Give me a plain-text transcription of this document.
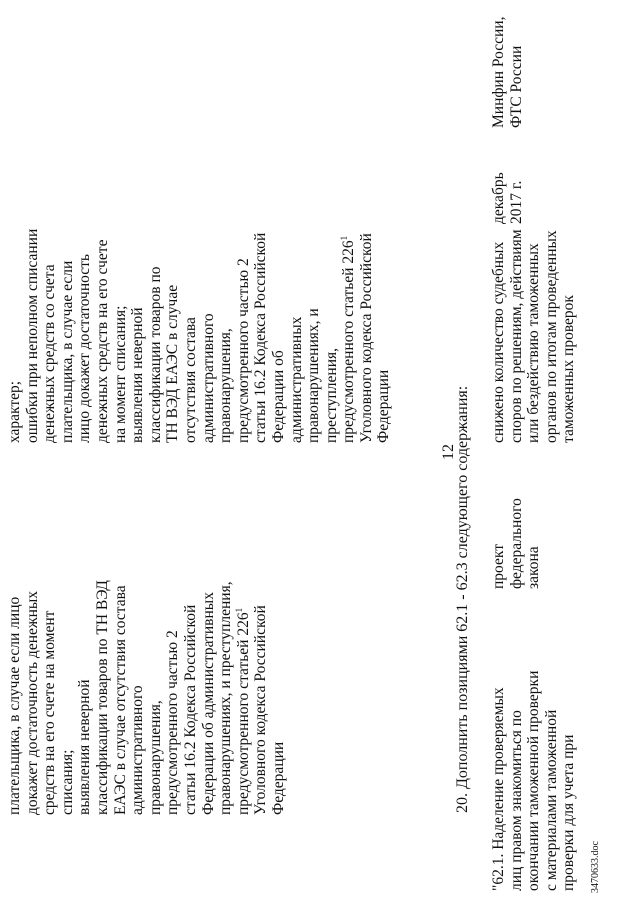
12
плательщика, в случае если лицо докажет достаточность денежных средств на его счете на момент списания; выявления неверной классификации товаров по ТН ВЭД ЕАЭС в случае отсутствия состава административного правонарушения, предусмотренного частью 2 статьи 16.2 Кодекса Российской Федерации об административных правонарушениях, и преступления, предусмотренного статьей $226^1$ Уголовного кодекса Российской Федерации
характер; ошибки при неполном списании денежных средств со счета плательщика, в случае если лицо докажет достаточность денежных средств на его счете на момент списания; выявления неверной классификации товаров по ТН ВЭД ЕАЭС в случае отсутствия состава административного правонарушения, предусмотренного частью 2 статьи 16.2 Кодекса Российской Федерации об административных правонарушениях, и преступления, предусмотренного статьей $226^1$ Уголовного кодекса Российской Федерации	20. Дополнить позициями 62.1 - 62.3 следующего содержания: "62.1. Наделение проверяемых лиц правом знакомиться по окончании таможенной проверки с материалами таможенной проверки для учета при
проект федерального закона
снижено количество судебных споров по решениям, действиям или бездействию таможенных органов по итогам проведенных таможенных проверок
декабрь 2017 г.
Минфин России, ФТС России
3470633.doc
